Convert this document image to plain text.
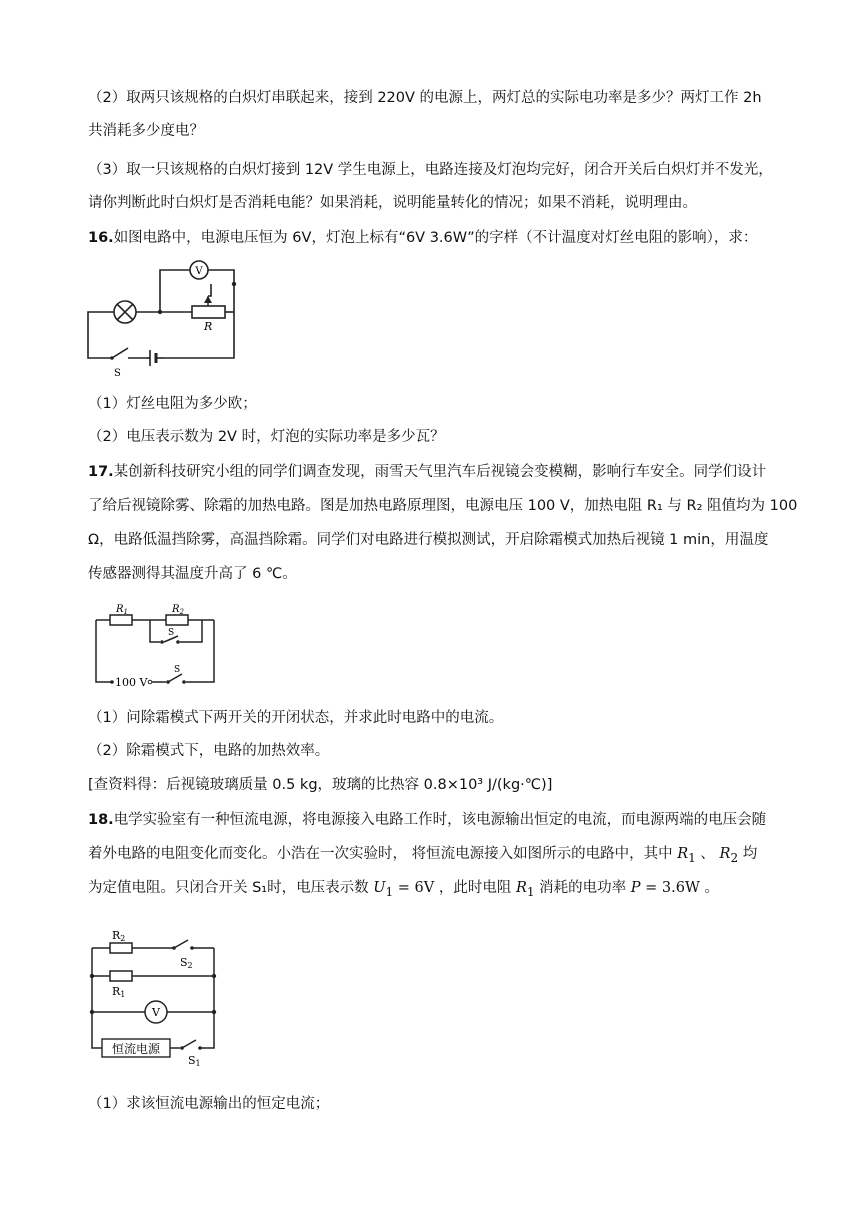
（2）取两只该规格的白炽灯串联起来，接到 220V 的电源上，两灯总的实际电功率是多少？两灯工作 2h
共消耗多少度电？
（3）取一只该规格的白炽灯接到 12V 学生电源上，电路连接及灯泡均完好，闭合开关后白炽灯并不发光，
请你判断此时白炽灯是否消耗电能？如果消耗，说明能量转化的情况；如果不消耗，说明理由。
16.如图电路中，电源电压恒为 6V，灯泡上标有“6V 3.6W”的字样（不计温度对灯丝电阻的影响），求：
V
R
S
（1）灯丝电阻为多少欧；
（2）电压表示数为 2V 时，灯泡的实际功率是多少瓦？
17.某创新科技研究小组的同学们调查发现，雨雪天气里汽车后视镜会变模糊，影响行车安全。同学们设计
了给后视镜除雾、除霜的加热电路。图是加热电路原理图，电源电压 100 V，加热电阻 R₁ 与 R₂ 阻值均为 100
Ω，电路低温挡除雾，高温挡除霜。同学们对电路进行模拟测试，开启除霜模式加热后视镜 1 min，用温度
传感器测得其温度升高了 6 ℃。
$R_1$	$R_2$
S
100 V
S
（1）问除霜模式下两开关的开闭状态，并求此时电路中的电流。
（2）除霜模式下，电路的加热效率。
[查资料得：后视镜玻璃质量 0.5 kg，玻璃的比热容 0.8×10³ J/(kg·℃)]
18.电学实验室有一种恒流电源，将电源接入电路工作时，该电源输出恒定的电流，而电源两端的电压会随
着外电路的电阻变化而变化。小浩在一次实验时， 将恒流电源接入如图所示的电路中，其中 $R_1$ 、 $R_2$ 均
为定值电阻。只闭合开关 S₁时，电压表示数 $U_1 = 6V$ ，此时电阻 $R_1$ 消耗的电功率 P = 3.6W 。
R2
R1
S2
V
恒流电源
S1
（1）求该恒流电源输出的恒定电流；
